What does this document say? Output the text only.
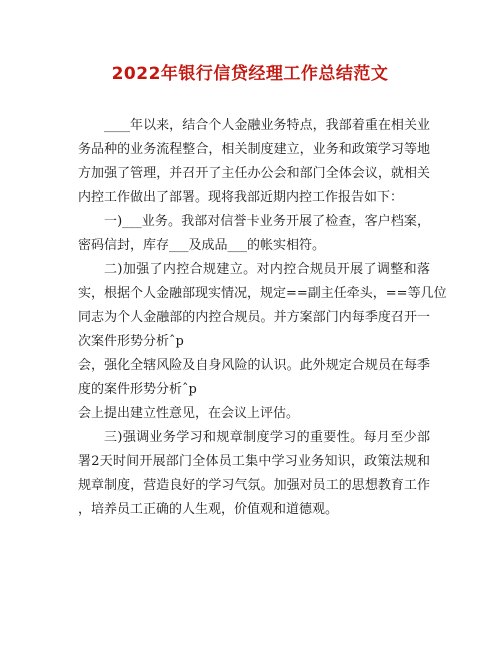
2022年银行信贷经理工作总结范文
____年以来，结合个人金融业务特点，我部着重在相关业
务品种的业务流程整合，相关制度建立，业务和政策学习等地
方加强了管理，并召开了主任办公会和部门全体会议，就相关
内控工作做出了部署。现将我部近期内控工作报告如下：
一)___业务。我部对信誉卡业务开展了检查，客户档案，
密码信封，库存___及成品___的帐实相符。
二)加强了内控合规建立。对内控合规员开展了调整和落
实，根据个人金融部现实情况，规定==副主任牵头，==等几位
同志为个人金融部的内控合规员。并方案部门内每季度召开一
次案件形势分析ˆp
会，强化全辖风险及自身风险的认识。此外规定合规员在每季
度的案件形势分析ˆp
会上提出建立性意见，在会议上评估。
三)强调业务学习和规章制度学习的重要性。每月至少部
署2天时间开展部门全体员工集中学习业务知识，政策法规和
规章制度，营造良好的学习气氛。加强对员工的思想教育工作
，培养员工正确的人生观，价值观和道德观。
